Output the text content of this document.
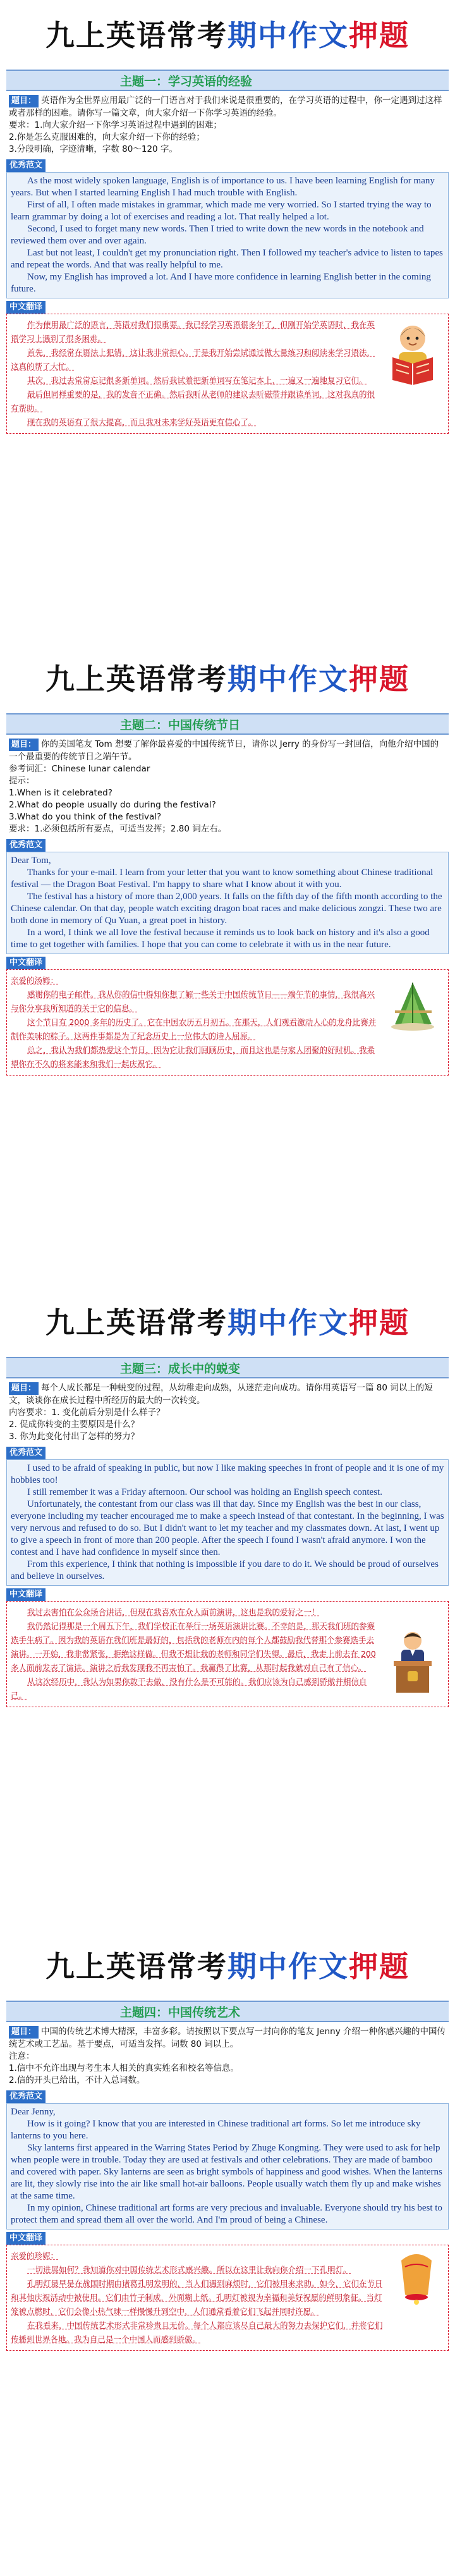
九上英语常考期中作文押题
主题一：学习英语的经验

题目： 英语作为全世界应用最广泛的一门语言对于我们来说是很重要的，在学习英语的过程中，你一定遇到过这样或者那样的困难。请你写一篇文章，向大家介绍一下你学习英语的经验。

要求：1.向大家介绍一下你学习英语过程中遇到的困难；

2.你是怎么克服困难的，向大家介绍一下你的经验；

3.分段明确，字迹清晰，字数 80～120 字。

优秀范文

As the most widely spoken language, English is of importance to us. I have been learning English for many years. But when I started learning English I had much trouble with English.

First of all, I often made mistakes in grammar, which made me very worried. So I started trying the way to learn grammar by doing a lot of exercises and reading a lot. That really helped a lot.

Second, I used to forget many new words. Then I tried to write down the new words in the notebook and reviewed them over and over again.

Last but not least, I couldn't get my pronunciation right. Then I followed my teacher's advice to listen to tapes and repeat the words. And that was really helpful to me.

Now, my English has improved a lot. And I have more confidence in learning English better in the coming future.

中文翻译

作为使用最广泛的语言，英语对我们很重要。我已经学习英语很多年了，但刚开始学英语时，我在英语学习上遇到了很多困难。

首先，我经常在语法上犯错，这让我非常担心。于是我开始尝试通过做大量练习和阅读来学习语法，这真的帮了大忙。

其次，我过去常常忘记很多新单词。然后我试着把新单词写在笔记本上，一遍又一遍地复习它们。

最后但同样重要的是，我的发音不正确。然后我听从老师的建议去听磁带并跟读单词，这对我真的很有帮助。

现在我的英语有了很大提高，而且我对未来学好英语更有信心了。

九上英语常考期中作文押题
主题二：中国传统节日

题目： 你的美国笔友 Tom 想要了解你最喜爱的中国传统节日，请你以 Jerry 的身份写一封回信，向他介绍中国的一个最重要的传统节日之端午节。

参考词汇：Chinese lunar calendar

提示：

1.When is it celebrated?

2.What do people usually do during the festival?

3.What do you think of the festival?

要求：1.必须包括所有要点，可适当发挥；2.80 词左右。

优秀范文

Dear Tom,

Thanks for your e-mail. I learn from your letter that you want to know something about Chinese traditional festival — the Dragon Boat Festival. I'm happy to share what I know about it with you.

The festival has a history of more than 2,000 years. It falls on the fifth day of the fifth month according to the Chinese calendar. On that day, people watch exciting dragon boat races and make delicious zongzi. These two are both done in memory of Qu Yuan, a great poet in history.

In a word, I think we all love the festival because it reminds us to look back on history and it's also a good time to get together with families. I hope that you can come to celebrate it with us in the near future.

中文翻译

亲爱的汤姆：

感谢你的电子邮件。我从你的信中得知你想了解一些关于中国传统节日——端午节的事情，我很高兴与你分享我所知道的关于它的信息。

这个节日有 2000 多年的历史了。它在中国农历五月初五。在那天，人们观看激动人心的龙舟比赛并制作美味的粽子。这两件事都是为了纪念历史上一位伟大的诗人屈原。

总之，我认为我们都热爱这个节日，因为它让我们回顾历史，而且这也是与家人团聚的好时机。我希望你在不久的将来能来和我们一起庆祝它。

九上英语常考期中作文押题
主题三：成长中的蜕变

题目： 每个人成长都是一种蜕变的过程，从幼稚走向成熟，从迷茫走向成功。请你用英语写一篇 80 词以上的短文，谈谈你在成长过程中所经历的最大的一次转变。

内容要求：1. 变化前后分别是什么样子？

2. 促成你转变的主要原因是什么？

3. 你为此变化付出了怎样的努力？

优秀范文

I used to be afraid of speaking in public, but now I like making speeches in front of people and it is one of my hobbies too!

I still remember it was a Friday afternoon. Our school was holding an English speech contest.

Unfortunately, the contestant from our class was ill that day. Since my English was the best in our class, everyone including my teacher encouraged me to make a speech instead of that contestant. In the beginning, I was very nervous and refused to do so. But I didn't want to let my teacher and my classmates down. At last, I went up to give a speech in front of more than 200 people. After the speech I found I wasn't afraid anymore. I won the contest and I have had confidence in myself since then.

From this experience, I think that nothing is impossible if you dare to do it. We should be proud of ourselves and believe in ourselves.

中文翻译

我过去害怕在公众场合讲话，但现在我喜欢在众人面前演讲，这也是我的爱好之一！

我仍然记得那是一个周五下午，我们学校正在举行一场英语演讲比赛。不幸的是，那天我们班的参赛选手生病了。因为我的英语在我们班是最好的，包括我的老师在内的每个人都鼓励我代替那个参赛选手去演讲。一开始，我非常紧张，拒绝这样做。但我不想让我的老师和同学们失望。最后，我走上前去在 200 多人面前发表了演讲。演讲之后我发现我不再害怕了。我赢得了比赛，从那时起我就对自己有了信心。

从这次经历中，我认为如果你敢于去做，没有什么是不可能的。我们应该为自己感到骄傲并相信自己。

九上英语常考期中作文押题
主题四：中国传统艺术

题目： 中国的传统艺术博大精深，丰富多彩。请按照以下要点写一封向你的笔友 Jenny 介绍一种你感兴趣的中国传统艺术或工艺品。基于要点，可适当发挥。词数 80 词以上。

注意：

1.信中不允许出现与考生本人相关的真实姓名和校名等信息。

2.信的开头已给出，不计入总词数。

优秀范文

Dear Jenny,

How is it going? I know that you are interested in Chinese traditional art forms. So let me introduce sky lanterns to you here.

Sky lanterns first appeared in the Warring States Period by Zhuge Kongming. They were used to ask for help when people were in trouble. Today they are used at festivals and other celebrations. They are made of bamboo and covered with paper. Sky lanterns are seen as bright symbols of happiness and good wishes. When the lanterns are lit, they slowly rise into the air like small hot-air balloons. People usually watch them fly up and make wishes at the same time.

In my opinion, Chinese traditional art forms are very precious and invaluable. Everyone should try his best to protect them and spread them all over the world. And I'm proud of being a Chinese.

中文翻译

亲爱的珍妮：

一切进展如何？我知道你对中国传统艺术形式感兴趣。所以在这里让我向你介绍一下孔明灯。

孔明灯最早是在战国时期由诸葛孔明发明的，当人们遇到麻烦时，它们被用来求助。如今，它们在节日和其他庆祝活动中被使用。它们由竹子制成，外面糊上纸。孔明灯被视为幸福和美好祝愿的鲜明象征。当灯笼被点燃时，它们会像小热气球一样慢慢升到空中，人们通常看着它们飞起并同时许愿。

在我看来，中国传统艺术形式非常珍贵且无价。每个人都应该尽自己最大的努力去保护它们，并将它们传播到世界各地。我为自己是一个中国人而感到骄傲。
